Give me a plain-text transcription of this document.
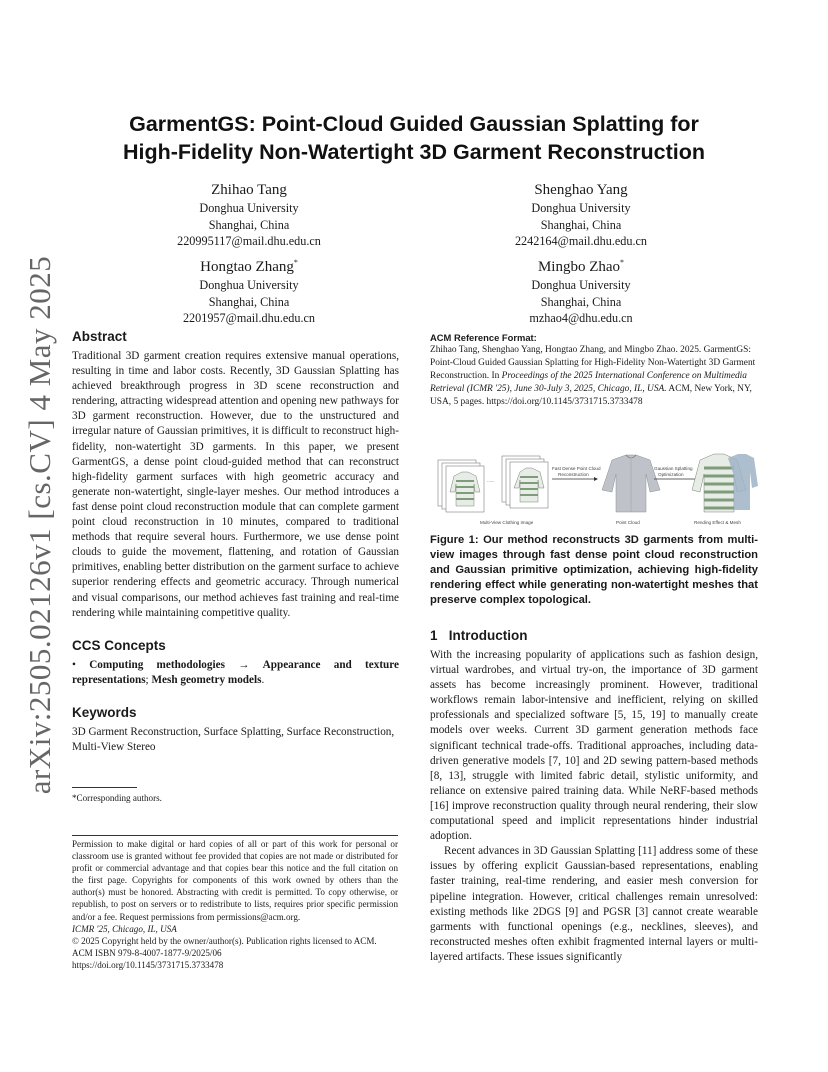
arXiv:2505.02126v1 [cs.CV] 4 May 2025
GarmentGS: Point-Cloud Guided Gaussian Splatting for
High-Fidelity Non-Watertight 3D Garment Reconstruction
Zhihao Tang
Donghua University
Shanghai, China
220995117@mail.dhu.edu.cn
Shenghao Yang
Donghua University
Shanghai, China
2242164@mail.dhu.edu.cn
Hongtao Zhang*
Donghua University
Shanghai, China
2201957@mail.dhu.edu.cn
Mingbo Zhao*
Donghua University
Shanghai, China
mzhao4@dhu.edu.cn
Abstract
Traditional 3D garment creation requires extensive manual operations, resulting in time and labor costs. Recently, 3D Gaussian Splatting has achieved breakthrough progress in 3D scene reconstruction and rendering, attracting widespread attention and opening new pathways for 3D garment reconstruction. However, due to the unstructured and irregular nature of Gaussian primitives, it is difficult to reconstruct high-fidelity, non-watertight 3D garments. In this paper, we present GarmentGS, a dense point cloud-guided method that can reconstruct high-fidelity garment surfaces with high geometric accuracy and generate non-watertight, single-layer meshes. Our method introduces a fast dense point cloud reconstruction module that can complete garment point cloud reconstruction in 10 minutes, compared to traditional methods that require several hours. Furthermore, we use dense point clouds to guide the movement, flattening, and rotation of Gaussian primitives, enabling better distribution on the garment surface to achieve superior rendering effects and geometric accuracy. Through numerical and visual comparisons, our method achieves fast training and real-time rendering while maintaining competitive quality.
CCS Concepts
• Computing methodologies → Appearance and texture representations; Mesh geometry models.
Keywords
3D Garment Reconstruction, Surface Splatting, Surface Reconstruction, Multi-View Stereo
*Corresponding authors.
Permission to make digital or hard copies of all or part of this work for personal or classroom use is granted without fee provided that copies are not made or distributed for profit or commercial advantage and that copies bear this notice and the full citation on the first page. Copyrights for components of this work owned by others than the author(s) must be honored. Abstracting with credit is permitted. To copy otherwise, or republish, to post on servers or to redistribute to lists, requires prior specific permission and/or a fee. Request permissions from permissions@acm.org.
ICMR '25, Chicago, IL, USA
© 2025 Copyright held by the owner/author(s). Publication rights licensed to ACM.
ACM ISBN 979-8-4007-1877-9/2025/06
https://doi.org/10.1145/3731715.3733478
ACM Reference Format:
Zhihao Tang, Shenghao Yang, Hongtao Zhang, and Mingbo Zhao. 2025. GarmentGS: Point-Cloud Guided Gaussian Splatting for High-Fidelity Non-Watertight 3D Garment Reconstruction. In Proceedings of the 2025 International Conference on Multimedia Retrieval (ICMR '25), June 30-July 3, 2025, Chicago, IL, USA. ACM, New York, NY, USA, 5 pages. https://doi.org/10.1145/3731715.3733478
......
Multi-View Clothing Image
Fast Dense Point Cloud
Reconstruction
Point Cloud
Gaussian Splatting
Optimization
Rending Effect & Mesh
Figure 1: Our method reconstructs 3D garments from multi-view images through fast dense point cloud reconstruction and Gaussian primitive optimization, achieving high-fidelity rendering effect while generating non-watertight meshes that preserve complex topological.
1 Introduction
With the increasing popularity of applications such as fashion design, virtual wardrobes, and virtual try-on, the importance of 3D garment assets has become increasingly prominent. However, traditional workflows remain labor-intensive and inefficient, relying on skilled professionals and specialized software [5, 15, 19] to manually create models over weeks. Current 3D garment generation methods face significant technical trade-offs. Traditional approaches, including data-driven generative models [7, 10] and 2D sewing pattern-based methods [8, 13], struggle with limited fabric detail, stylistic uniformity, and reliance on extensive paired training data. While NeRF-based methods [16] improve reconstruction quality through neural rendering, their slow computational speed and implicit representations hinder industrial adoption.
Recent advances in 3D Gaussian Splatting [11] address some of these issues by offering explicit Gaussian-based representations, enabling faster training, real-time rendering, and easier mesh conversion for pipeline integration. However, critical challenges remain unresolved: existing methods like 2DGS [9] and PGSR [3] cannot create wearable garments with functional openings (e.g., necklines, sleeves), and reconstructed meshes often exhibit fragmented internal layers or multi-layered artifacts. These issues significantly
